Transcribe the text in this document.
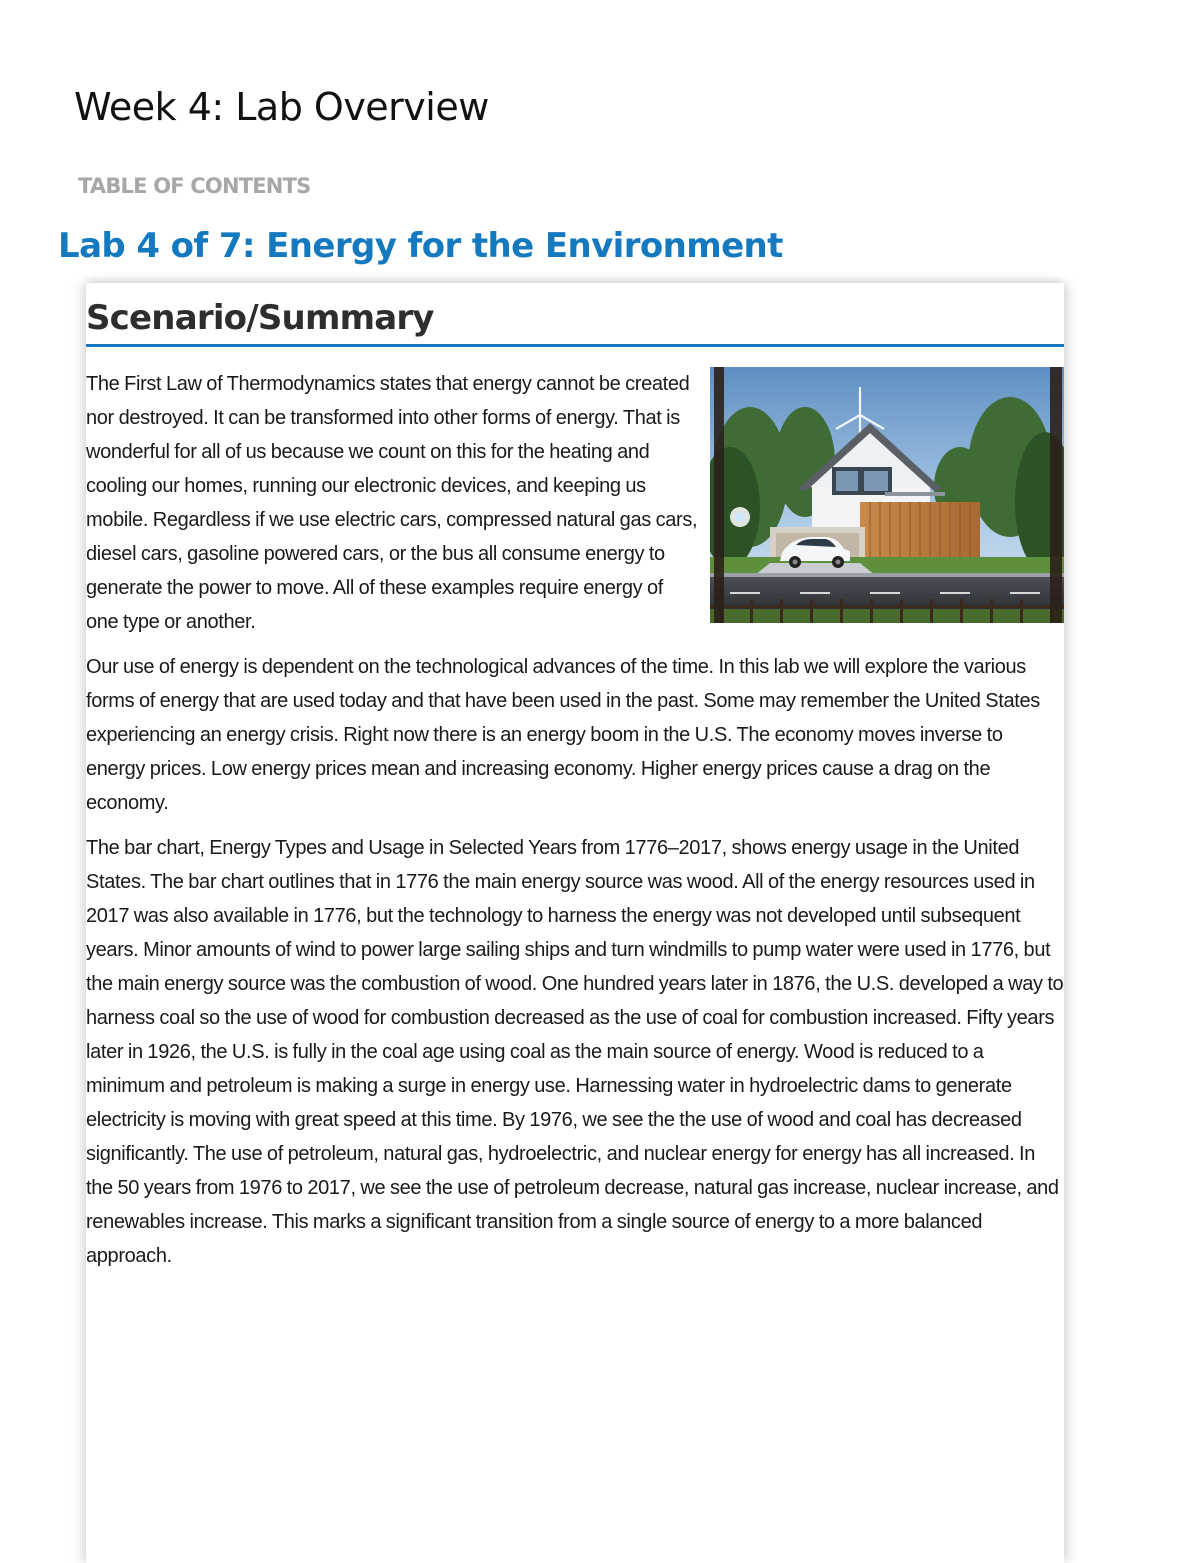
Week 4: Lab Overview
TABLE OF CONTENTS
Lab 4 of 7: Energy for the Environment
Scenario/Summary

The First Law of Thermodynamics states that energy cannot be created nor destroyed. It can be transformed into other forms of energy. That is wonderful for all of us because we count on this for the heating and cooling our homes, running our electronic devices, and keeping us mobile. Regardless if we use electric cars, compressed natural gas cars, diesel cars, gasoline powered cars, or the bus all consume energy to generate the power to move. All of these examples require energy of one type or another.

Our use of energy is dependent on the technological advances of the time. In this lab we will explore the various forms of energy that are used today and that have been used in the past. Some may remember the United States experiencing an energy crisis. Right now there is an energy boom in the U.S. The economy moves inverse to energy prices. Low energy prices mean and increasing economy. Higher energy prices cause a drag on the economy.

The bar chart, Energy Types and Usage in Selected Years from 1776–2017, shows energy usage in the United States. The bar chart outlines that in 1776 the main energy source was wood. All of the energy resources used in 2017 was also available in 1776, but the technology to harness the energy was not developed until subsequent years. Minor amounts of wind to power large sailing ships and turn windmills to pump water were used in 1776, but the main energy source was the combustion of wood. One hundred years later in 1876, the U.S. developed a way to harness coal so the use of wood for combustion decreased as the use of coal for combustion increased. Fifty years later in 1926, the U.S. is fully in the coal age using coal as the main source of energy. Wood is reduced to a minimum and petroleum is making a surge in energy use. Harnessing water in hydroelectric dams to generate electricity is moving with great speed at this time. By 1976, we see the the use of wood and coal has decreased significantly. The use of petroleum, natural gas, hydroelectric, and nuclear energy for energy has all increased. In the 50 years from 1976 to 2017, we see the use of petroleum decrease, natural gas increase, nuclear increase, and renewables increase. This marks a significant transition from a single source of energy to a more balanced approach.
